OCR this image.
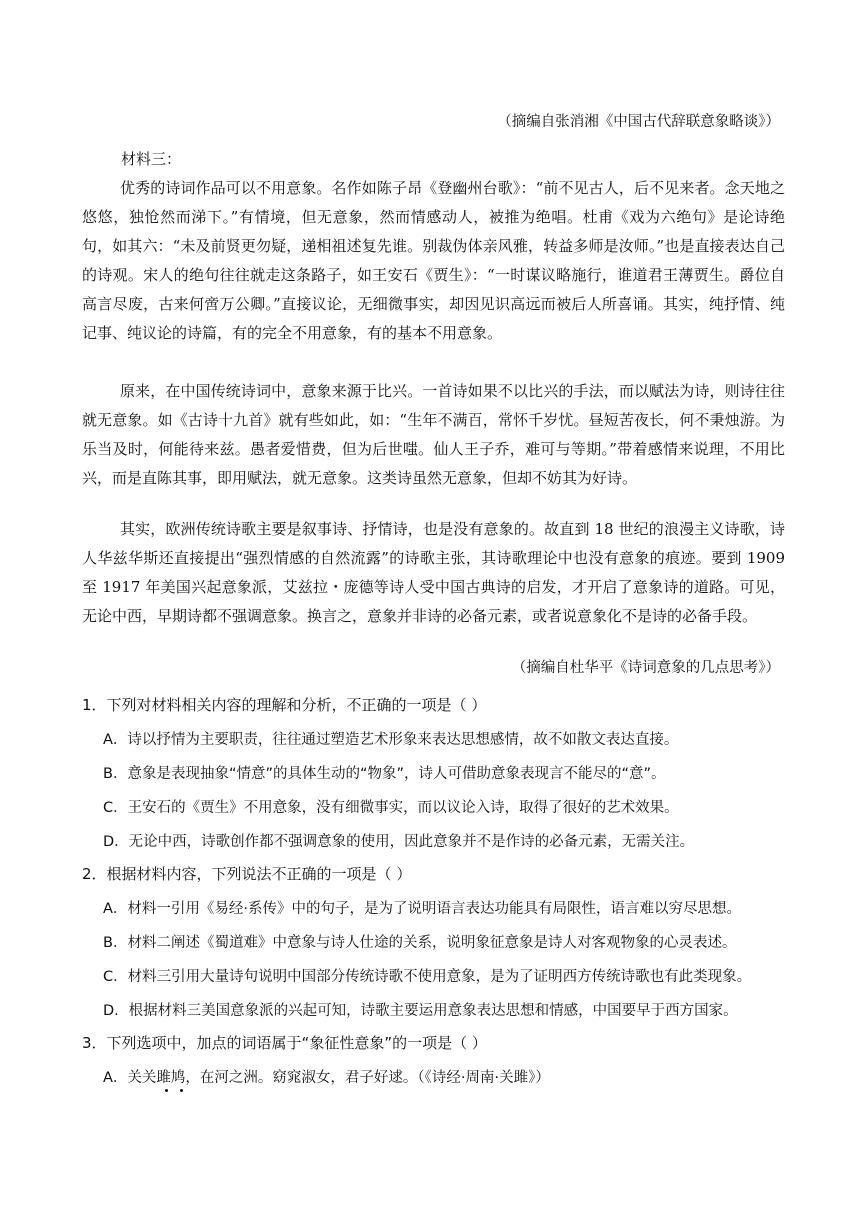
（摘编自张消湘《中国古代辞联意象略谈》）
材料三：
优秀的诗词作品可以不用意象。名作如陈子昂《登幽州台歌》：“前不见古人，后不见来者。念天地之悠悠，独怆然而涕下。”有情境，但无意象，然而情感动人，被推为绝唱。杜甫《戏为六绝句》是论诗绝句，如其六：“未及前贤更勿疑，递相祖述复先谁。别裁伪体亲风雅，转益多师是汝师。”也是直接表达自己的诗观。宋人的绝句往往就走这条路子，如王安石《贾生》：“一时谋议略施行，谁道君王薄贾生。爵位自高言尽废，古来何啻万公卿。”直接议论，无细微事实，却因见识高远而被后人所喜诵。其实，纯抒情、纯记事、纯议论的诗篇，有的完全不用意象，有的基本不用意象。
原来，在中国传统诗词中，意象来源于比兴。一首诗如果不以比兴的手法，而以赋法为诗，则诗往往就无意象。如《古诗十九首》就有些如此，如：“生年不满百，常怀千岁忧。昼短苦夜长，何不秉烛游。为乐当及时，何能待来兹。愚者爱惜费，但为后世嗤。仙人王子乔，难可与等期。”带着感情来说理，不用比兴，而是直陈其事，即用赋法，就无意象。这类诗虽然无意象，但却不妨其为好诗。
其实，欧洲传统诗歌主要是叙事诗、抒情诗，也是没有意象的。故直到 18 世纪的浪漫主义诗歌，诗人华兹华斯还直接提出“强烈情感的自然流露”的诗歌主张，其诗歌理论中也没有意象的痕迹。要到 1909 至 1917 年美国兴起意象派，艾兹拉・庞德等诗人受中国古典诗的启发，才开启了意象诗的道路。可见，无论中西，早期诗都不强调意象。换言之，意象并非诗的必备元素，或者说意象化不是诗的必备手段。
（摘编自杜华平《诗词意象的几点思考》）
1．下列对材料相关内容的理解和分析，不正确的一项是（ ）
A．诗以抒情为主要职责，往往通过塑造艺术形象来表达思想感情，故不如散文表达直接。
B．意象是表现抽象“情意”的具体生动的“物象”，诗人可借助意象表现言不能尽的“意”。
C．王安石的《贾生》不用意象，没有细微事实，而以议论入诗，取得了很好的艺术效果。
D．无论中西，诗歌创作都不强调意象的使用，因此意象并不是作诗的必备元素，无需关注。
2．根据材料内容，下列说法不正确的一项是（ ）
A．材料一引用《易经·系传》中的句子，是为了说明语言表达功能具有局限性，语言难以穷尽思想。
B．材料二阐述《蜀道难》中意象与诗人仕途的关系，说明象征意象是诗人对客观物象的心灵表述。
C．材料三引用大量诗句说明中国部分传统诗歌不使用意象，是为了证明西方传统诗歌也有此类现象。
D．根据材料三美国意象派的兴起可知，诗歌主要运用意象表达思想和情感，中国要早于西方国家。
3．下列选项中，加点的词语属于“象征性意象”的一项是（ ）
A．关关雎鸠，在河之洲。窈窕淑女，君子好逑。（《诗经·周南·关雎》）
